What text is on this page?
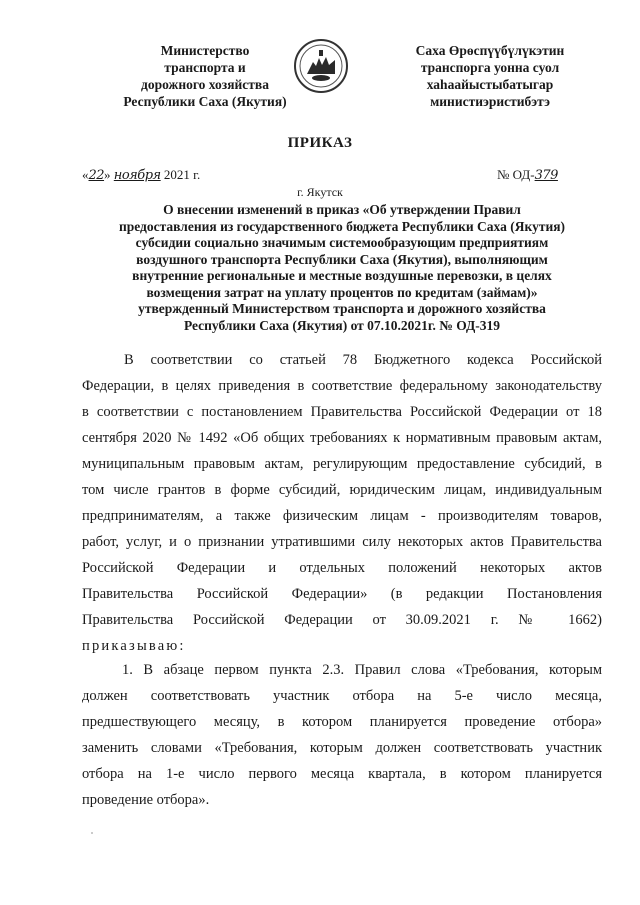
Министерство
транспорта и
дорожного хозяйства
Республики Саха (Якутия)
Саха Өрөспүүбүлүкэтин
транспорга уонна суол
хаһаайыстыбатыгар
министиэристибэтэ
ПРИКАЗ
«22» ноября 2021 г.	№ ОД-379
г. Якутск
О внесении изменений в приказ «Об утверждении Правил
предоставления из государственного бюджета Республики Саха (Якутия)
субсидии социально значимым системообразующим предприятиям
воздушного транспорта Республики Саха (Якутия), выполняющим
внутренние региональные и местные воздушные перевозки, в целях
возмещения затрат на уплату процентов по кредитам (займам)»
утвержденный Министерством транспорта и дорожного хозяйства
Республики Саха (Якутия) от 07.10.2021г. № ОД-319
В соответствии со статьей 78 Бюджетного кодекса Российской
Федерации, в целях приведения в соответствие федеральному законодательству
в соответствии с постановлением Правительства Российской Федерации от 18
сентября 2020 № 1492 «Об общих требованиях к нормативным правовым актам,
муниципальным правовым актам, регулирующим предоставление субсидий, в
том числе грантов в форме субсидий, юридическим лицам, индивидуальным
предпринимателям, а также физическим лицам - производителям товаров,
работ, услуг, и о признании утратившими силу некоторых актов Правительства
Российской Федерации и отдельных положений некоторых актов
Правительства Российской Федерации» (в редакции Постановления
Правительства Российской Федерации от 30.09.2021 г. № 1662)
приказываю:
1. В абзаце первом пункта 2.3. Правил слова «Требования, которым
должен соответствовать участник отбора на 5-е число месяца,
предшествующего месяцу, в котором планируется проведение отбора»
заменить словами «Требования, которым должен соответствовать участник
отбора на 1-е число первого месяца квартала, в котором планируется
проведение отбора».
